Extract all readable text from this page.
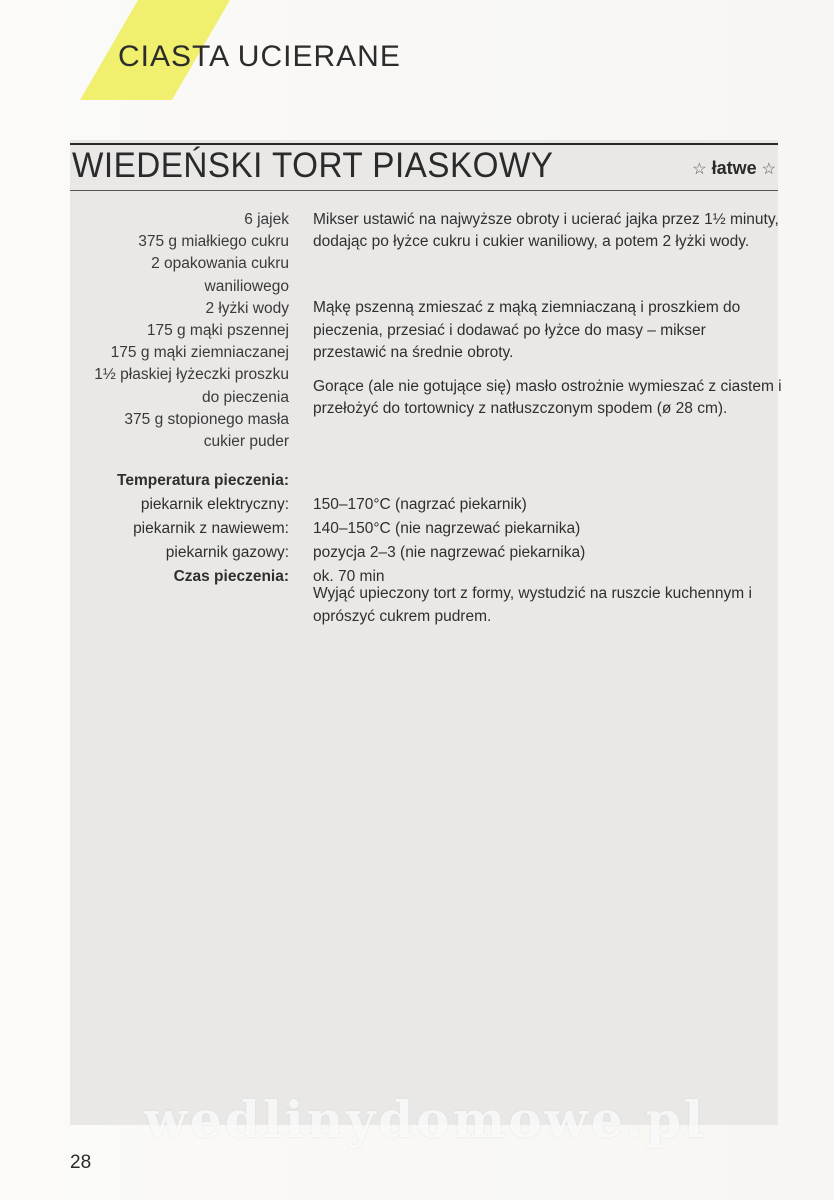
CIASTA UCIERANE
WIEDEŃSKI TORT PIASKOWY	☆ łatwe ☆
6 jajek
375 g miałkiego cukru
2 opakowania cukru
waniliowego
2 łyżki wody
175 g mąki pszennej
175 g mąki ziemniaczanej
1½ płaskiej łyżeczki proszku
do pieczenia
375 g stopionego masła
cukier puder

Mikser ustawić na najwyższe obroty i ucierać jajka przez 1½ minuty, dodając po łyżce cukru i cukier waniliowy, a potem 2 łyżki wody.

Mąkę pszenną zmieszać z mąką ziemniaczaną i proszkiem do pieczenia, przesiać i dodawać po łyżce do masy – mikser przestawić na średnie obroty.

Gorące (ale nie gotujące się) masło ostrożnie wymieszać z ciastem i przełożyć do tortownicy z natłuszczonym spodem (ø 28 cm).

Temperatura pieczenia:
piekarnik elektryczny:
piekarnik z nawiewem:
piekarnik gazowy:
Czas pieczenia:
150–170°C (nagrzać piekarnik)
140–150°C (nie nagrzewać piekarnika)
pozycja 2–3 (nie nagrzewać piekarnika)
ok. 70 min

Wyjąć upieczony tort z formy, wystudzić na ruszcie kuchennym i oprószyć cukrem pudrem.

wedlinydomowe.pl
28
